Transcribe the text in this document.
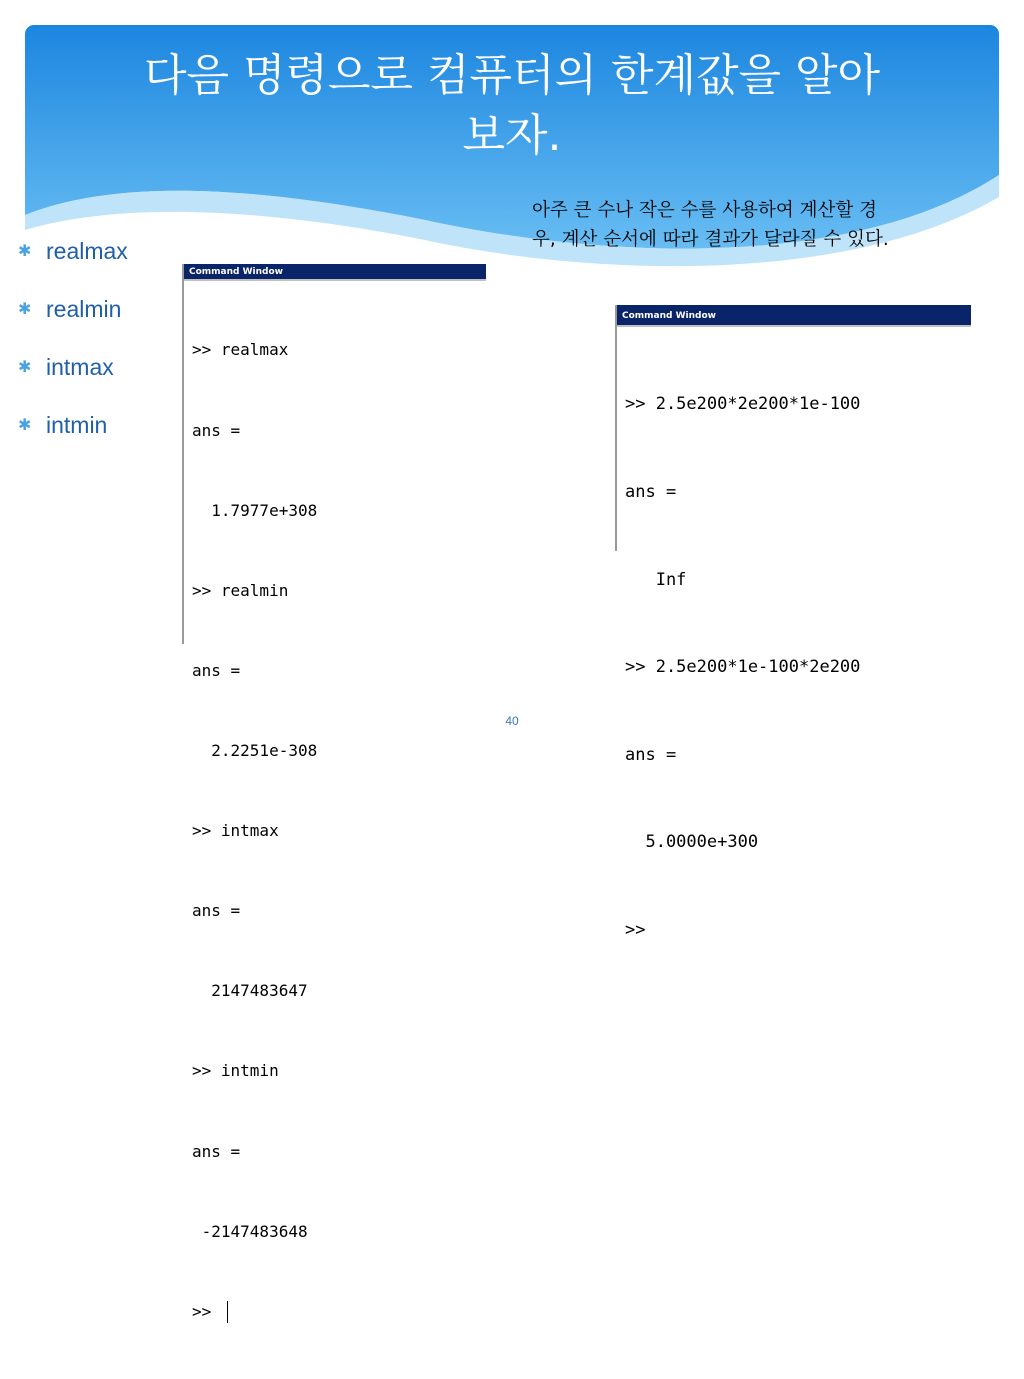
다음 명령으로 컴퓨터의 한계값을 알아
보자.
✱ realmax
✱ realmin
✱ intmax
✱ intmin
아주 큰 수나 작은 수를 사용하여 계산할 경
우, 계산 순서에 따라 결과가 달라질 수 있다.
Command Window

>> realmax

ans =

1.7977e+308

>> realmin

ans =

2.2251e-308

>> intmax

ans =

2147483647

>> intmin

ans =

-2147483648

>>

Command Window

>> 2.5e200*2e200*1e-100

ans =

Inf

>> 2.5e200*1e-100*2e200

ans =

5.0000e+300

>>

40
